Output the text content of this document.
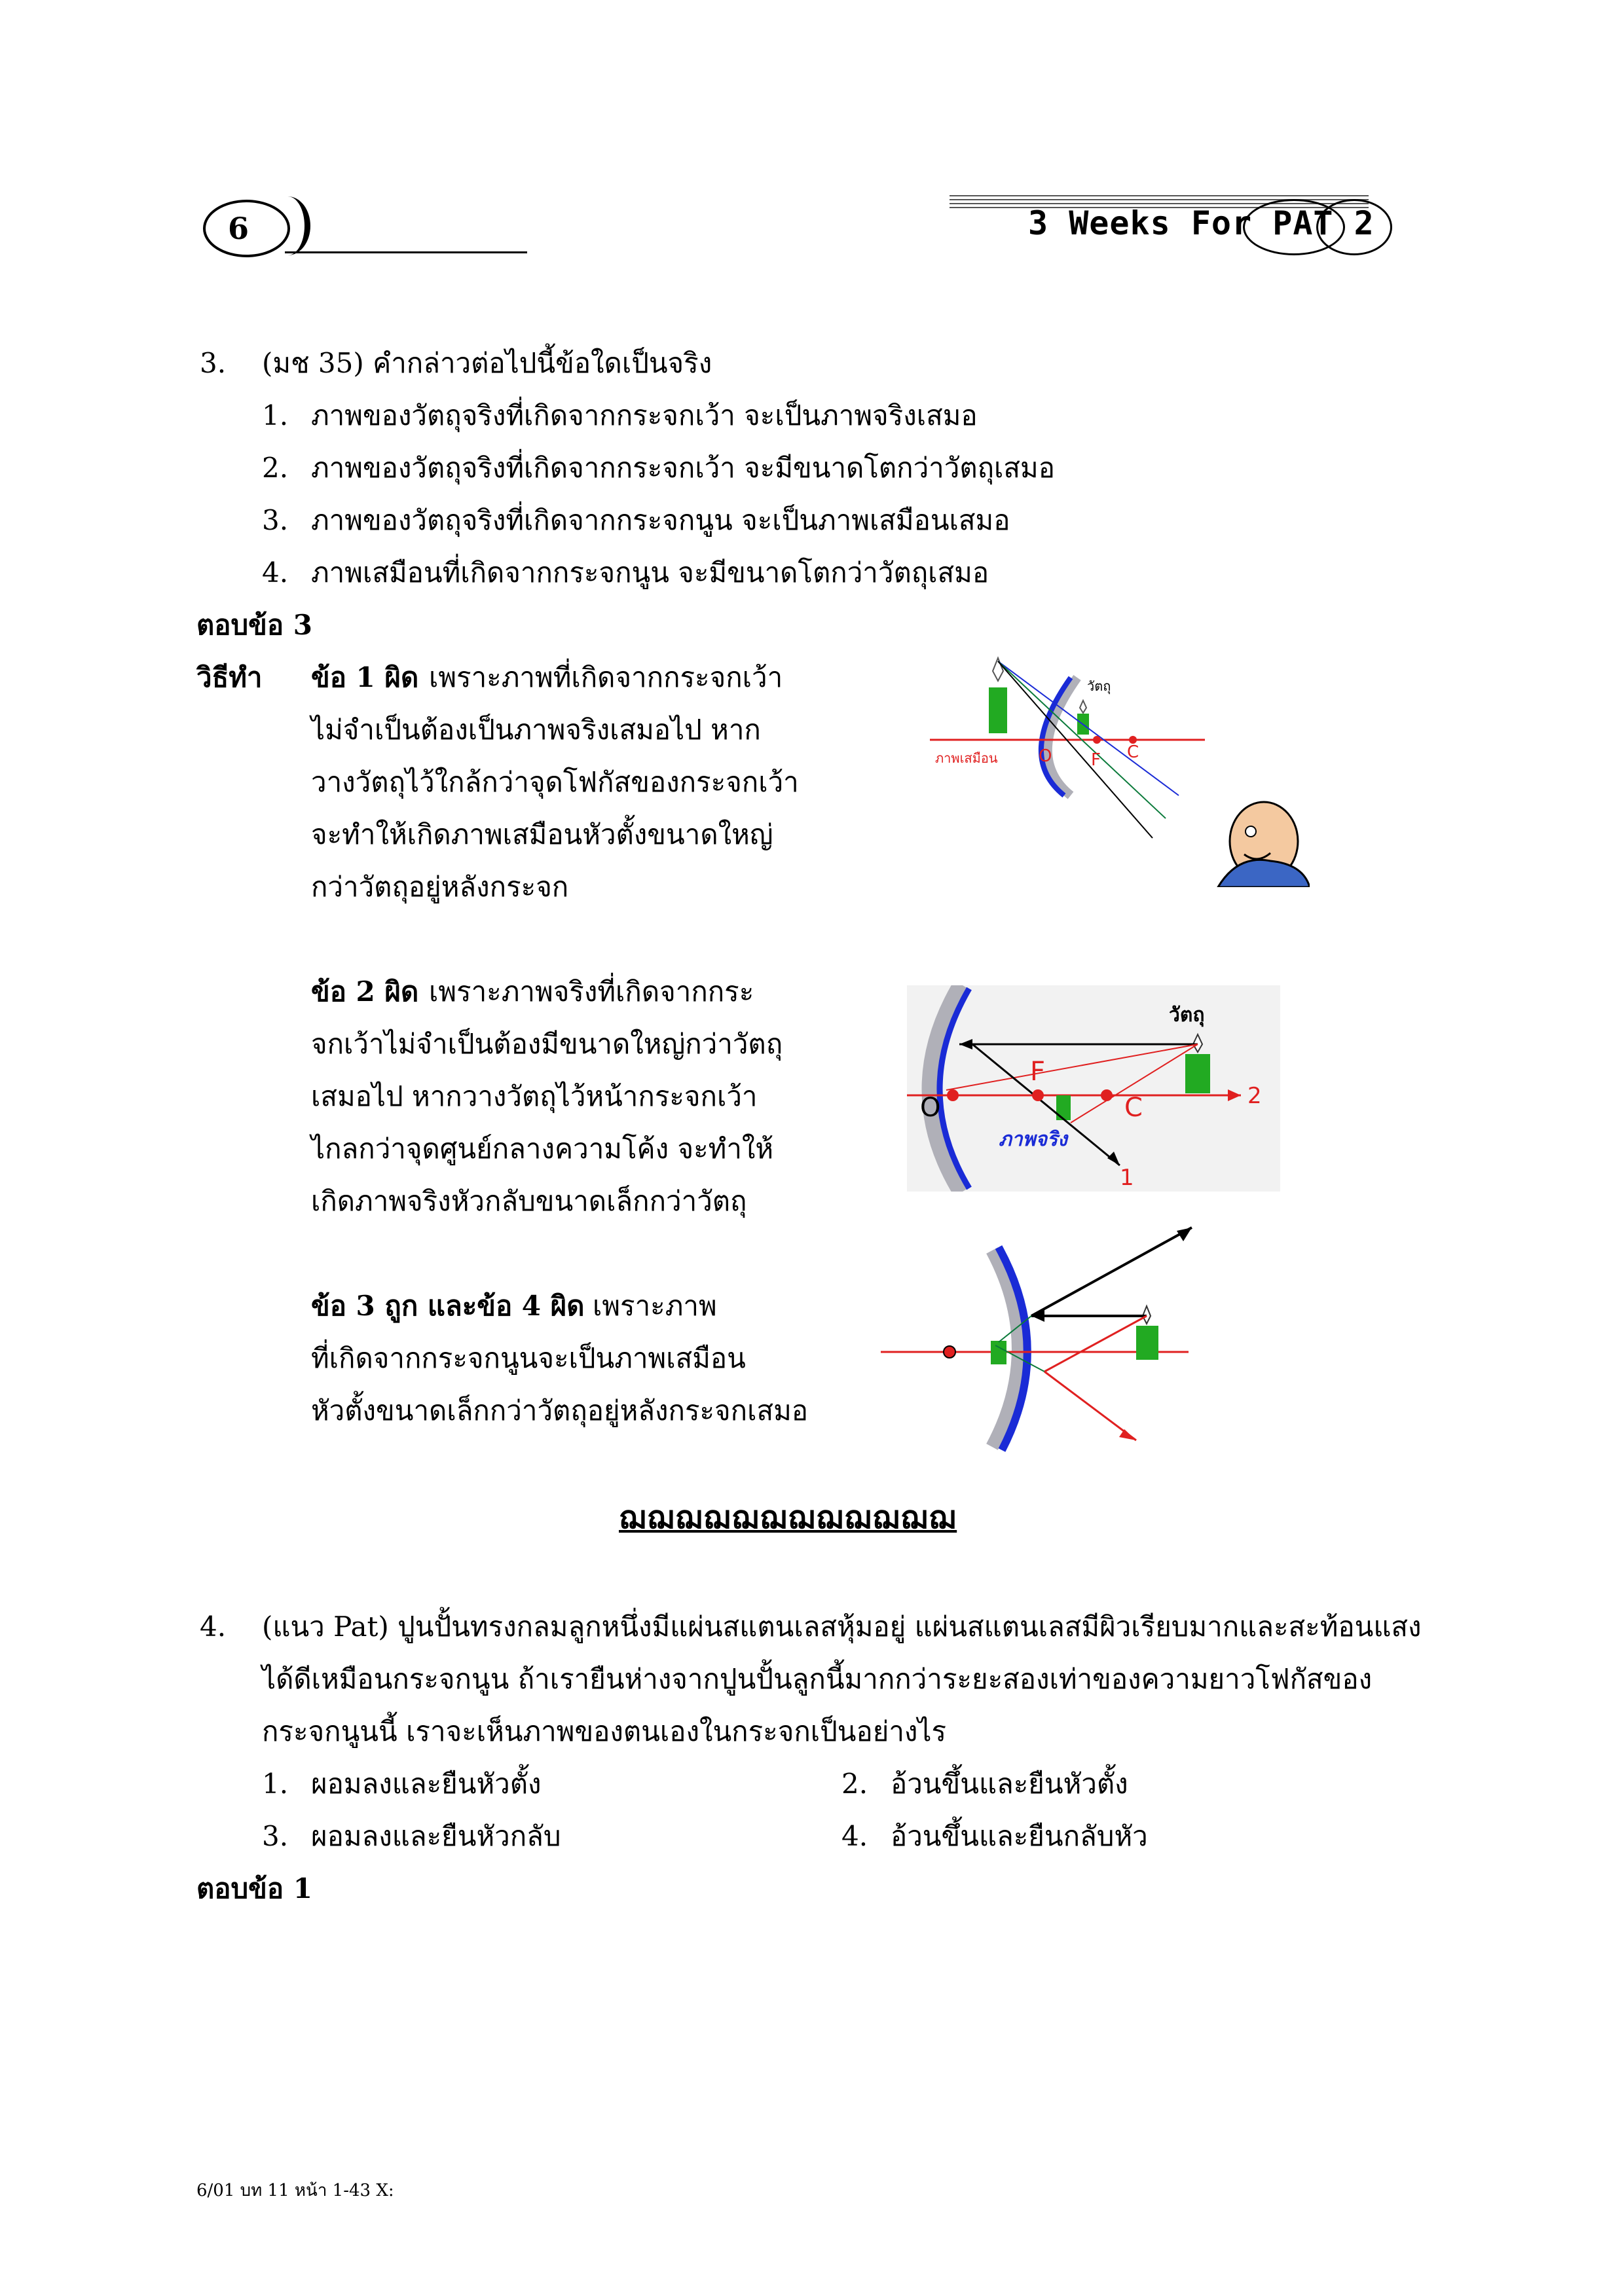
6	3 Weeks For PAT 2
3. (มช 35) คำกล่าวต่อไปนี้ข้อใดเป็นจริง
1. ภาพของวัตถุจริงที่เกิดจากกระจกเว้า จะเป็นภาพจริงเสมอ
2. ภาพของวัตถุจริงที่เกิดจากกระจกเว้า จะมีขนาดโตกว่าวัตถุเสมอ
3. ภาพของวัตถุจริงที่เกิดจากกระจกนูน จะเป็นภาพเสมือนเสมอ
4. ภาพเสมือนที่เกิดจากกระจกนูน จะมีขนาดโตกว่าวัตถุเสมอ
ตอบข้อ 3
วิธีทำ ข้อ 1 ผิด เพราะภาพที่เกิดจากกระจกเว้า
ไม่จำเป็นต้องเป็นภาพจริงเสมอไป หาก
วางวัตถุไว้ใกล้กว่าจุดโฟกัสของกระจกเว้า
จะทำให้เกิดภาพเสมือนหัวตั้งขนาดใหญ่
กว่าวัตถุอยู่หลังกระจก
ข้อ 2 ผิด เพราะภาพจริงที่เกิดจากกระ
จกเว้าไม่จำเป็นต้องมีขนาดใหญ่กว่าวัตถุ
เสมอไป หากวางวัตถุไว้หน้ากระจกเว้า
ไกลกว่าจุดศูนย์กลางความโค้ง จะทำให้
เกิดภาพจริงหัวกลับขนาดเล็กกว่าวัตถุ
ข้อ 3 ถูก และข้อ 4 ผิด เพราะภาพ
ที่เกิดจากกระจกนูนจะเป็นภาพเสมือน
หัวตั้งขนาดเล็กกว่าวัตถุอยู่หลังกระจกเสมอ
O F C
ภาพเสมือน
วัตถุ
O
F
C	2
1
ภาพจริง
วัตถุ
ฌฌฌฌฌฌฌฌฌฌฌฌ
4. (แนว Pat) ปูนปั้นทรงกลมลูกหนึ่งมีแผ่นสแตนเลสหุ้มอยู่ แผ่นสแตนเลสมีผิวเรียบมากและสะท้อนแสง
ได้ดีเหมือนกระจกนูน ถ้าเรายืนห่างจากปูนปั้นลูกนี้มากกว่าระยะสองเท่าของความยาวโฟกัสของ
กระจกนูนนี้ เราจะเห็นภาพของตนเองในกระจกเป็นอย่างไร
1. ผอมลงและยืนหัวตั้ง	2. อ้วนขึ้นและยืนหัวตั้ง
3. ผอมลงและยืนหัวกลับ	4. อ้วนขึ้นและยืนกลับหัว
ตอบข้อ 1
6/01 บท 11 หน้า 1-43 X:
